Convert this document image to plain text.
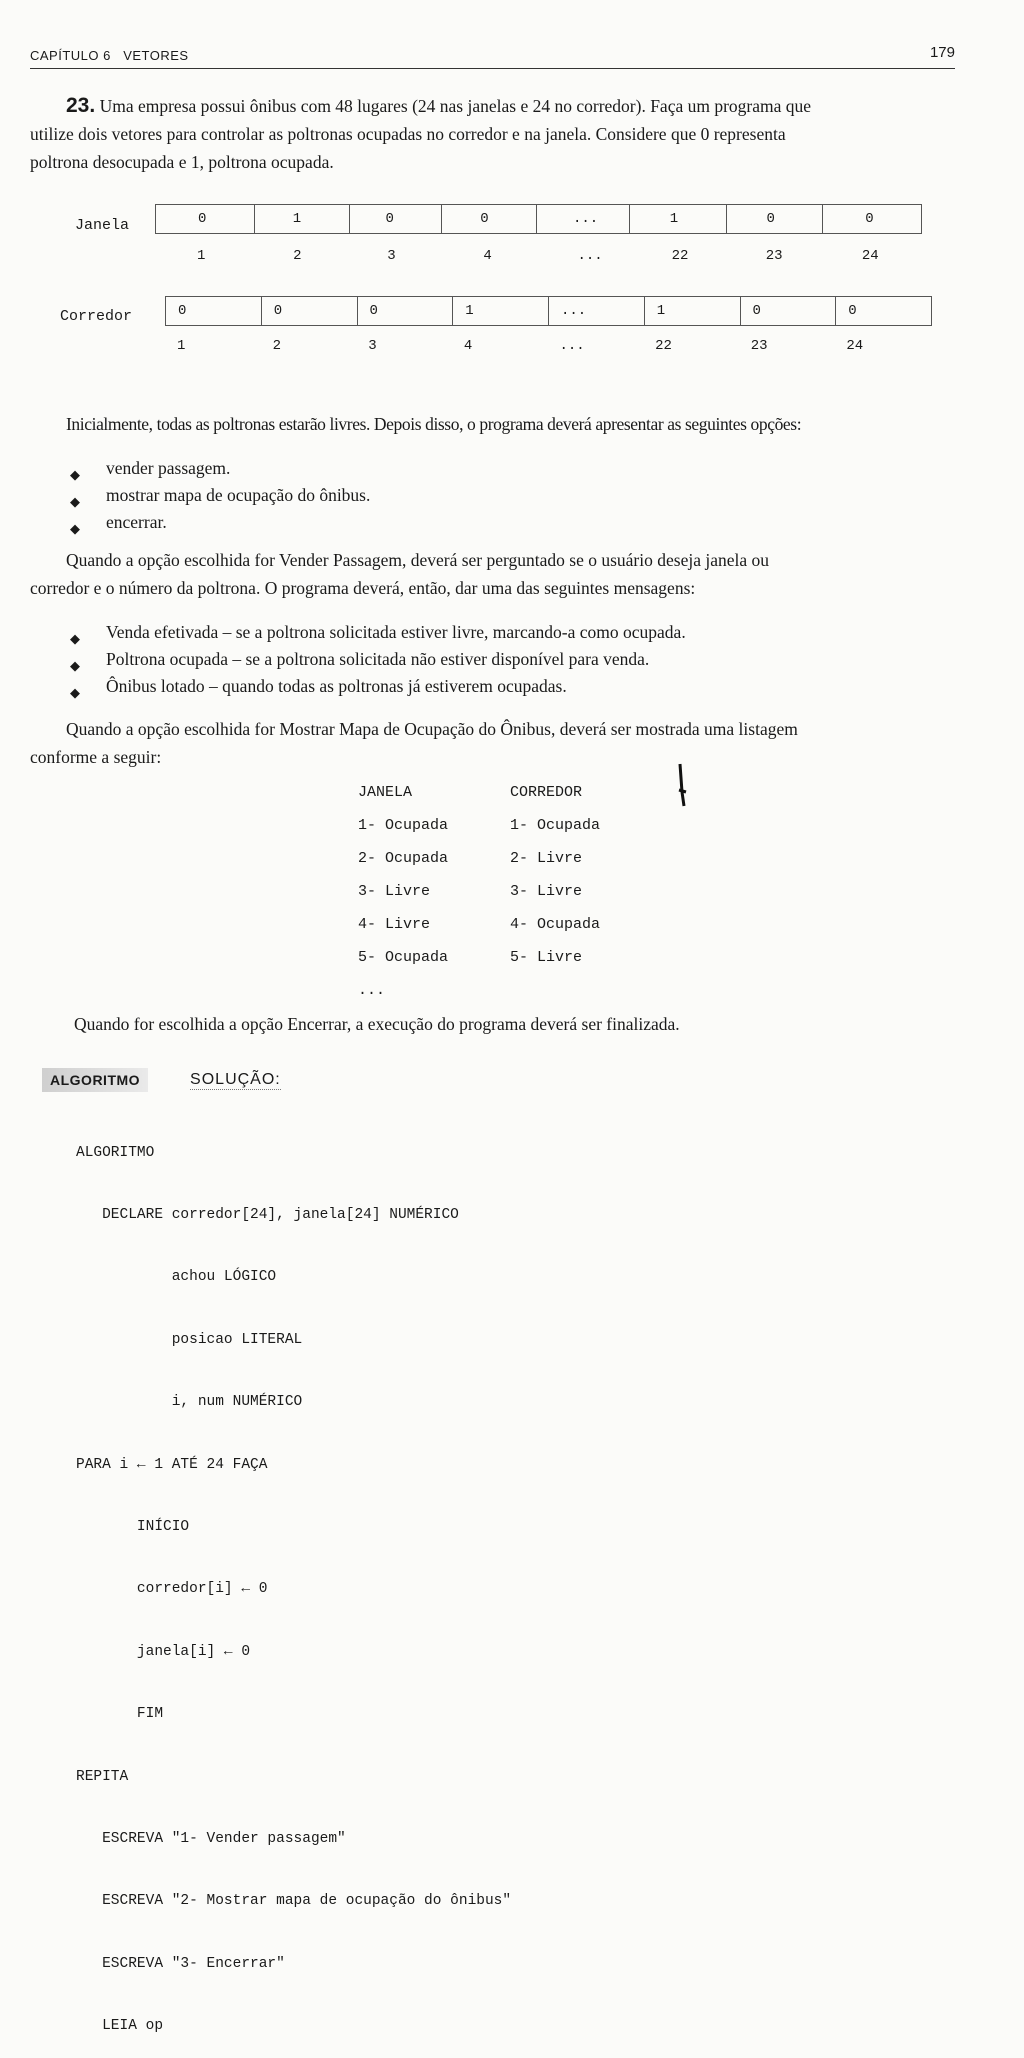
CAPÍTULO 6 VETORES	179
23. Uma empresa possui ônibus com 48 lugares (24 nas janelas e 24 no corredor). Faça um programa que
utilize dois vetores para controlar as poltronas ocupadas no corredor e na janela. Considere que 0 representa
poltrona desocupada e 1, poltrona ocupada.
Janela	0	1	0	0	...	1	0	0
1	2	3	4	...	22	23	24
Corredor	0	0	0	1	...	1	0	0
1	2	3	4	...	22	23	24
Inicialmente, todas as poltronas estarão livres. Depois disso, o programa deverá apresentar as seguintes opções:
◆ vender passagem.
◆ mostrar mapa de ocupação do ônibus.
◆ encerrar.
Quando a opção escolhida for Vender Passagem, deverá ser perguntado se o usuário deseja janela ou
corredor e o número da poltrona. O programa deverá, então, dar uma das seguintes mensagens:
◆ Venda efetivada – se a poltrona solicitada estiver livre, marcando-a como ocupada.
◆ Poltrona ocupada – se a poltrona solicitada não estiver disponível para venda.
◆ Ônibus lotado – quando todas as poltronas já estiverem ocupadas.
Quando a opção escolhida for Mostrar Mapa de Ocupação do Ônibus, deverá ser mostrada uma listagem
conforme a seguir:
JANELA	CORREDOR
1- Ocupada	1- Ocupada
2- Ocupada	2- Livre
3- Livre	3- Livre
4- Livre	4- Ocupada
5- Ocupada	5- Livre
...
Quando for escolhida a opção Encerrar, a execução do programa deverá ser finalizada.
ALGORITMO	SOLUÇÃO:

ALGORITMO

DECLARE corredor[24], janela[24] NUMÉRICO

achou LÓGICO

posicao LITERAL

i, num NUMÉRICO

PARA i ← 1 ATÉ 24 FAÇA

INÍCIO

corredor[i] ← 0

janela[i] ← 0

FIM

REPITA

ESCREVA "1- Vender passagem"

ESCREVA "2- Mostrar mapa de ocupação do ônibus"

ESCREVA "3- Encerrar"

LEIA op
